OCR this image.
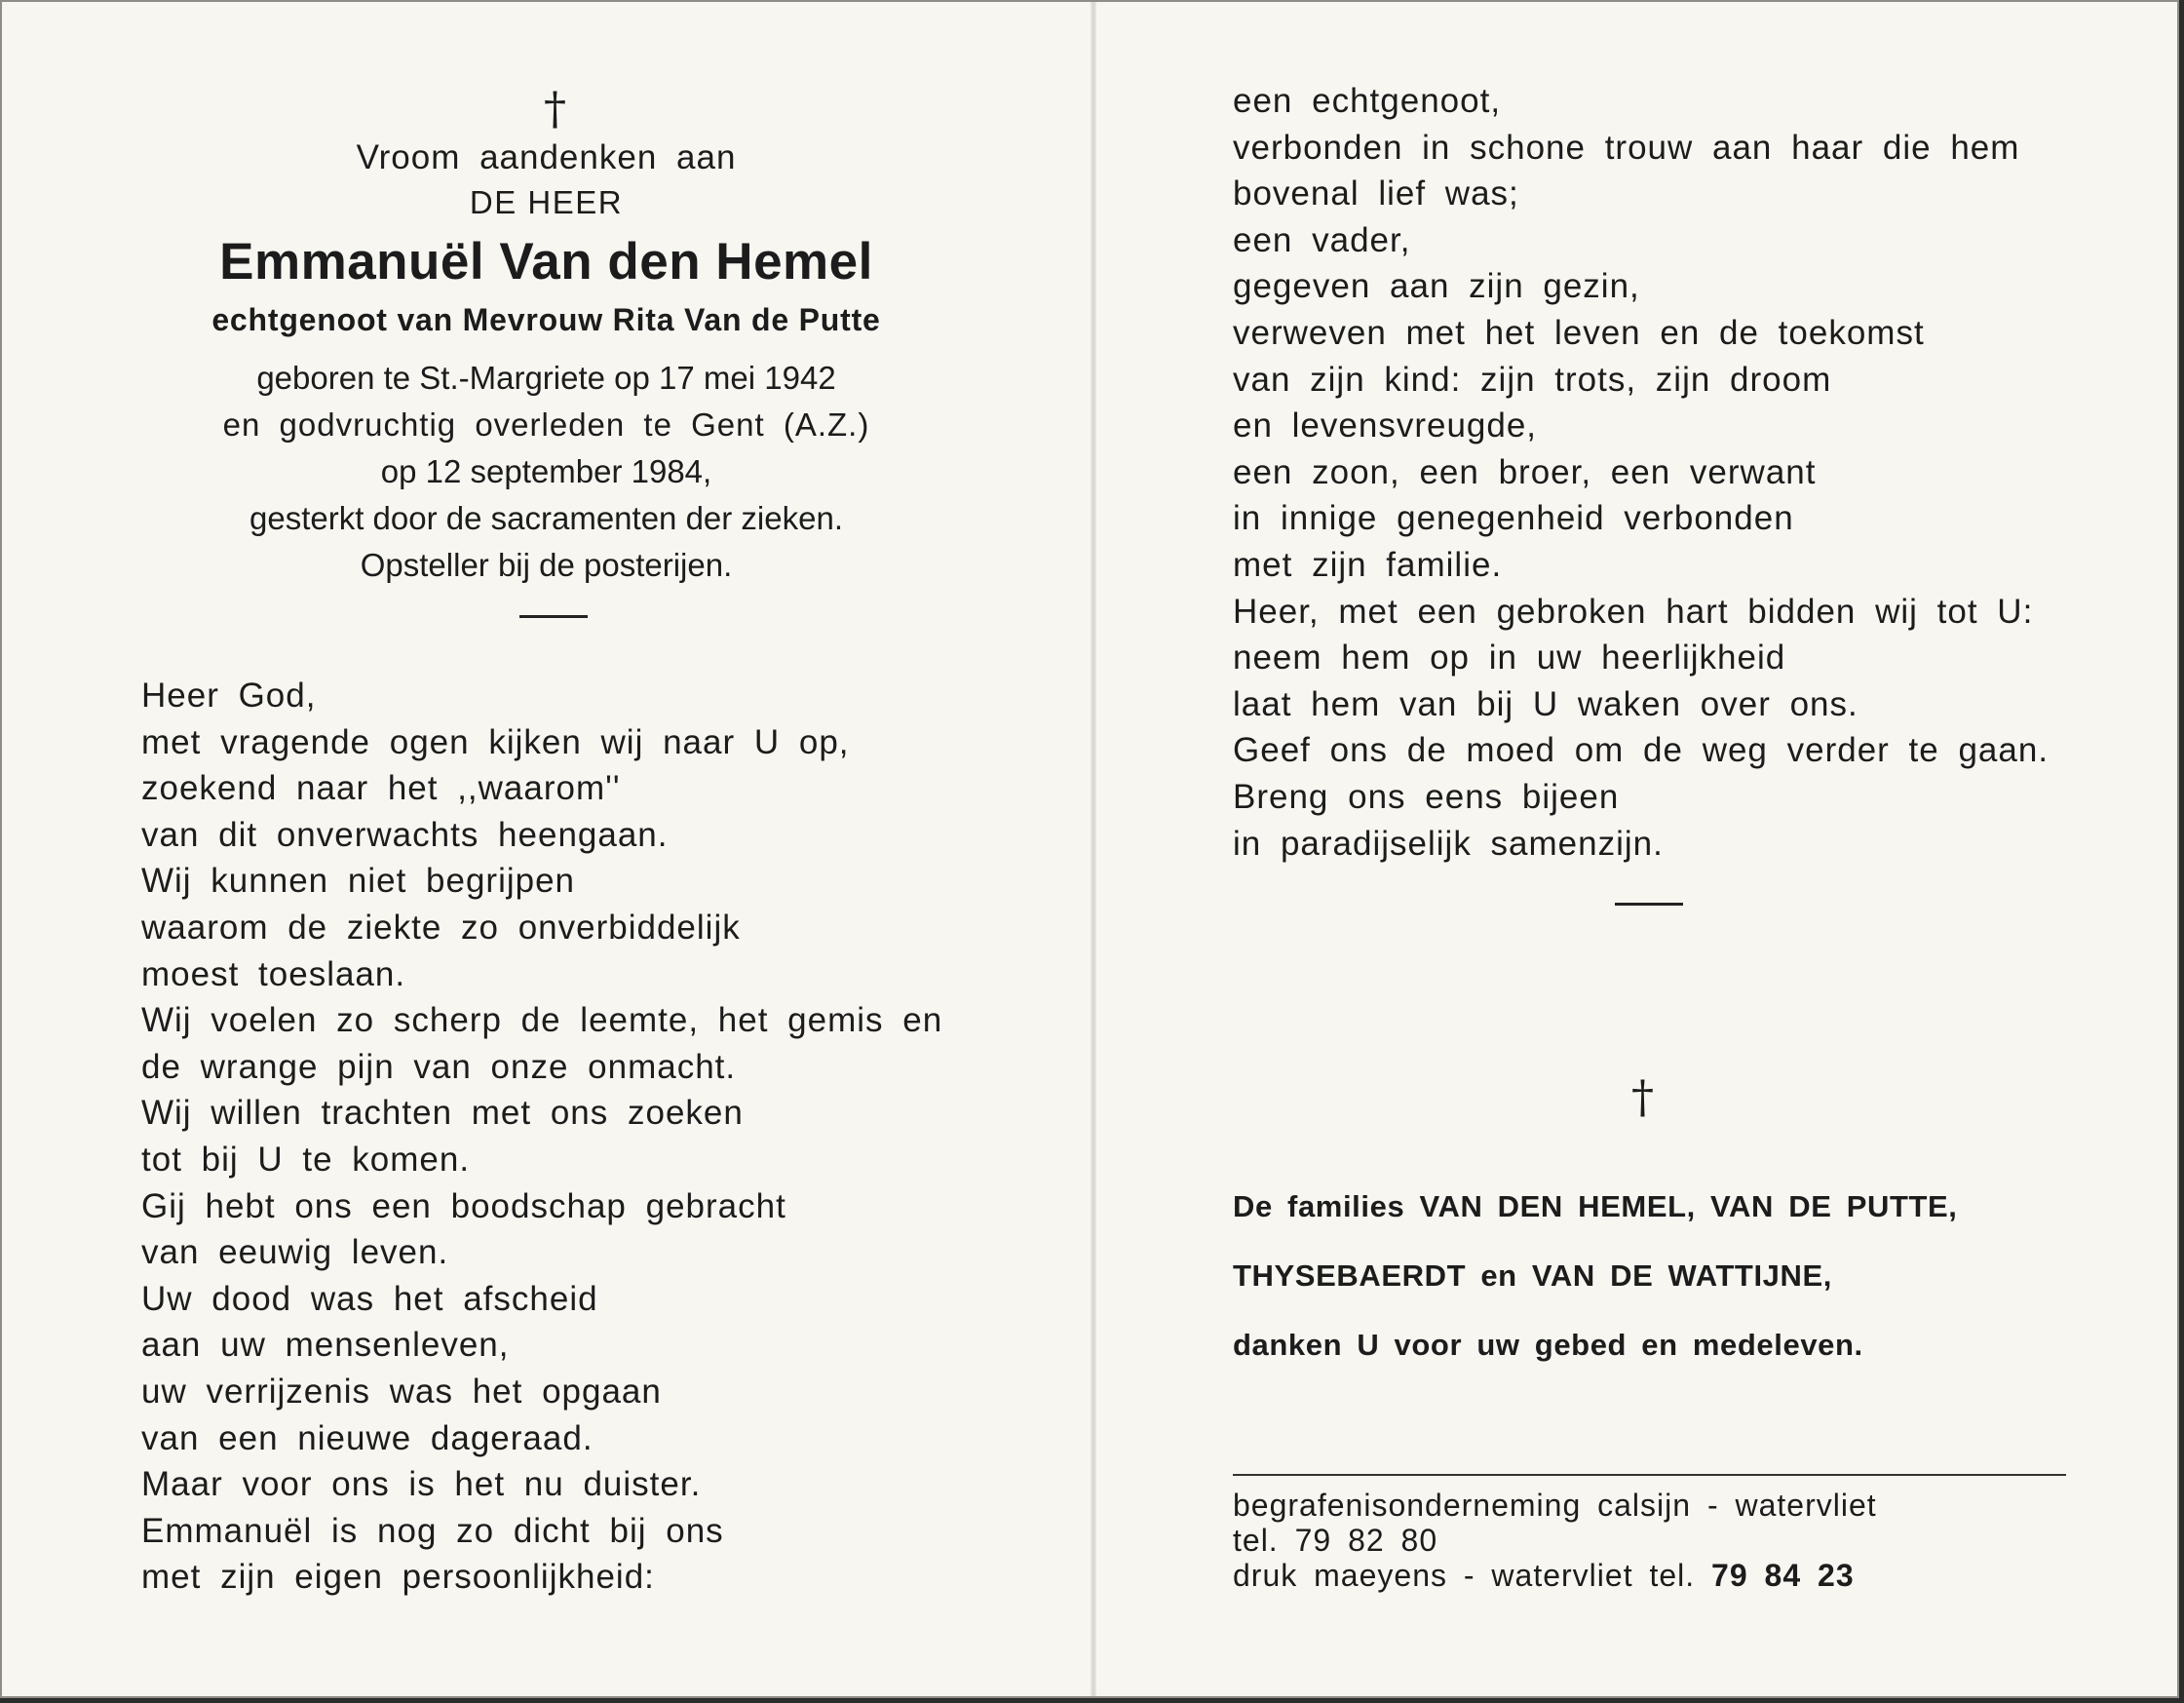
†
Vroom aandenken aan
DE HEER
Emmanuël Van den Hemel
echtgenoot van Mevrouw Rita Van de Putte
geboren te St.-Margriete op 17 mei 1942
en godvruchtig overleden te Gent (A.Z.)
op 12 september 1984,
gesterkt door de sacramenten der zieken.
Opsteller bij de posterijen.
Heer God,
met vragende ogen kijken wij naar U op,
zoekend naar het ,,waarom''
van dit onverwachts heengaan.
Wij kunnen niet begrijpen
waarom de ziekte zo onverbiddelijk
moest toeslaan.
Wij voelen zo scherp de leemte, het gemis en
de wrange pijn van onze onmacht.
Wij willen trachten met ons zoeken
tot bij U te komen.
Gij hebt ons een boodschap gebracht
van eeuwig leven.
Uw dood was het afscheid
aan uw mensenleven,
uw verrijzenis was het opgaan
van een nieuwe dageraad.
Maar voor ons is het nu duister.
Emmanuël is nog zo dicht bij ons
met zijn eigen persoonlijkheid:
een echtgenoot,
verbonden in schone trouw aan haar die hem
bovenal lief was;
een vader,
gegeven aan zijn gezin,
verweven met het leven en de toekomst
van zijn kind: zijn trots, zijn droom
en levensvreugde,
een zoon, een broer, een verwant
in innige genegenheid verbonden
met zijn familie.
Heer, met een gebroken hart bidden wij tot U:
neem hem op in uw heerlijkheid
laat hem van bij U waken over ons.
Geef ons de moed om de weg verder te gaan.
Breng ons eens bijeen
in paradijselijk samenzijn.
†
De families VAN DEN HEMEL, VAN DE PUTTE,
THYSEBAERDT en VAN DE WATTIJNE,
danken U voor uw gebed en medeleven.
begrafenisonderneming calsijn - watervliet
tel. 79 82 80
druk maeyens - watervliet tel. 79 84 23
